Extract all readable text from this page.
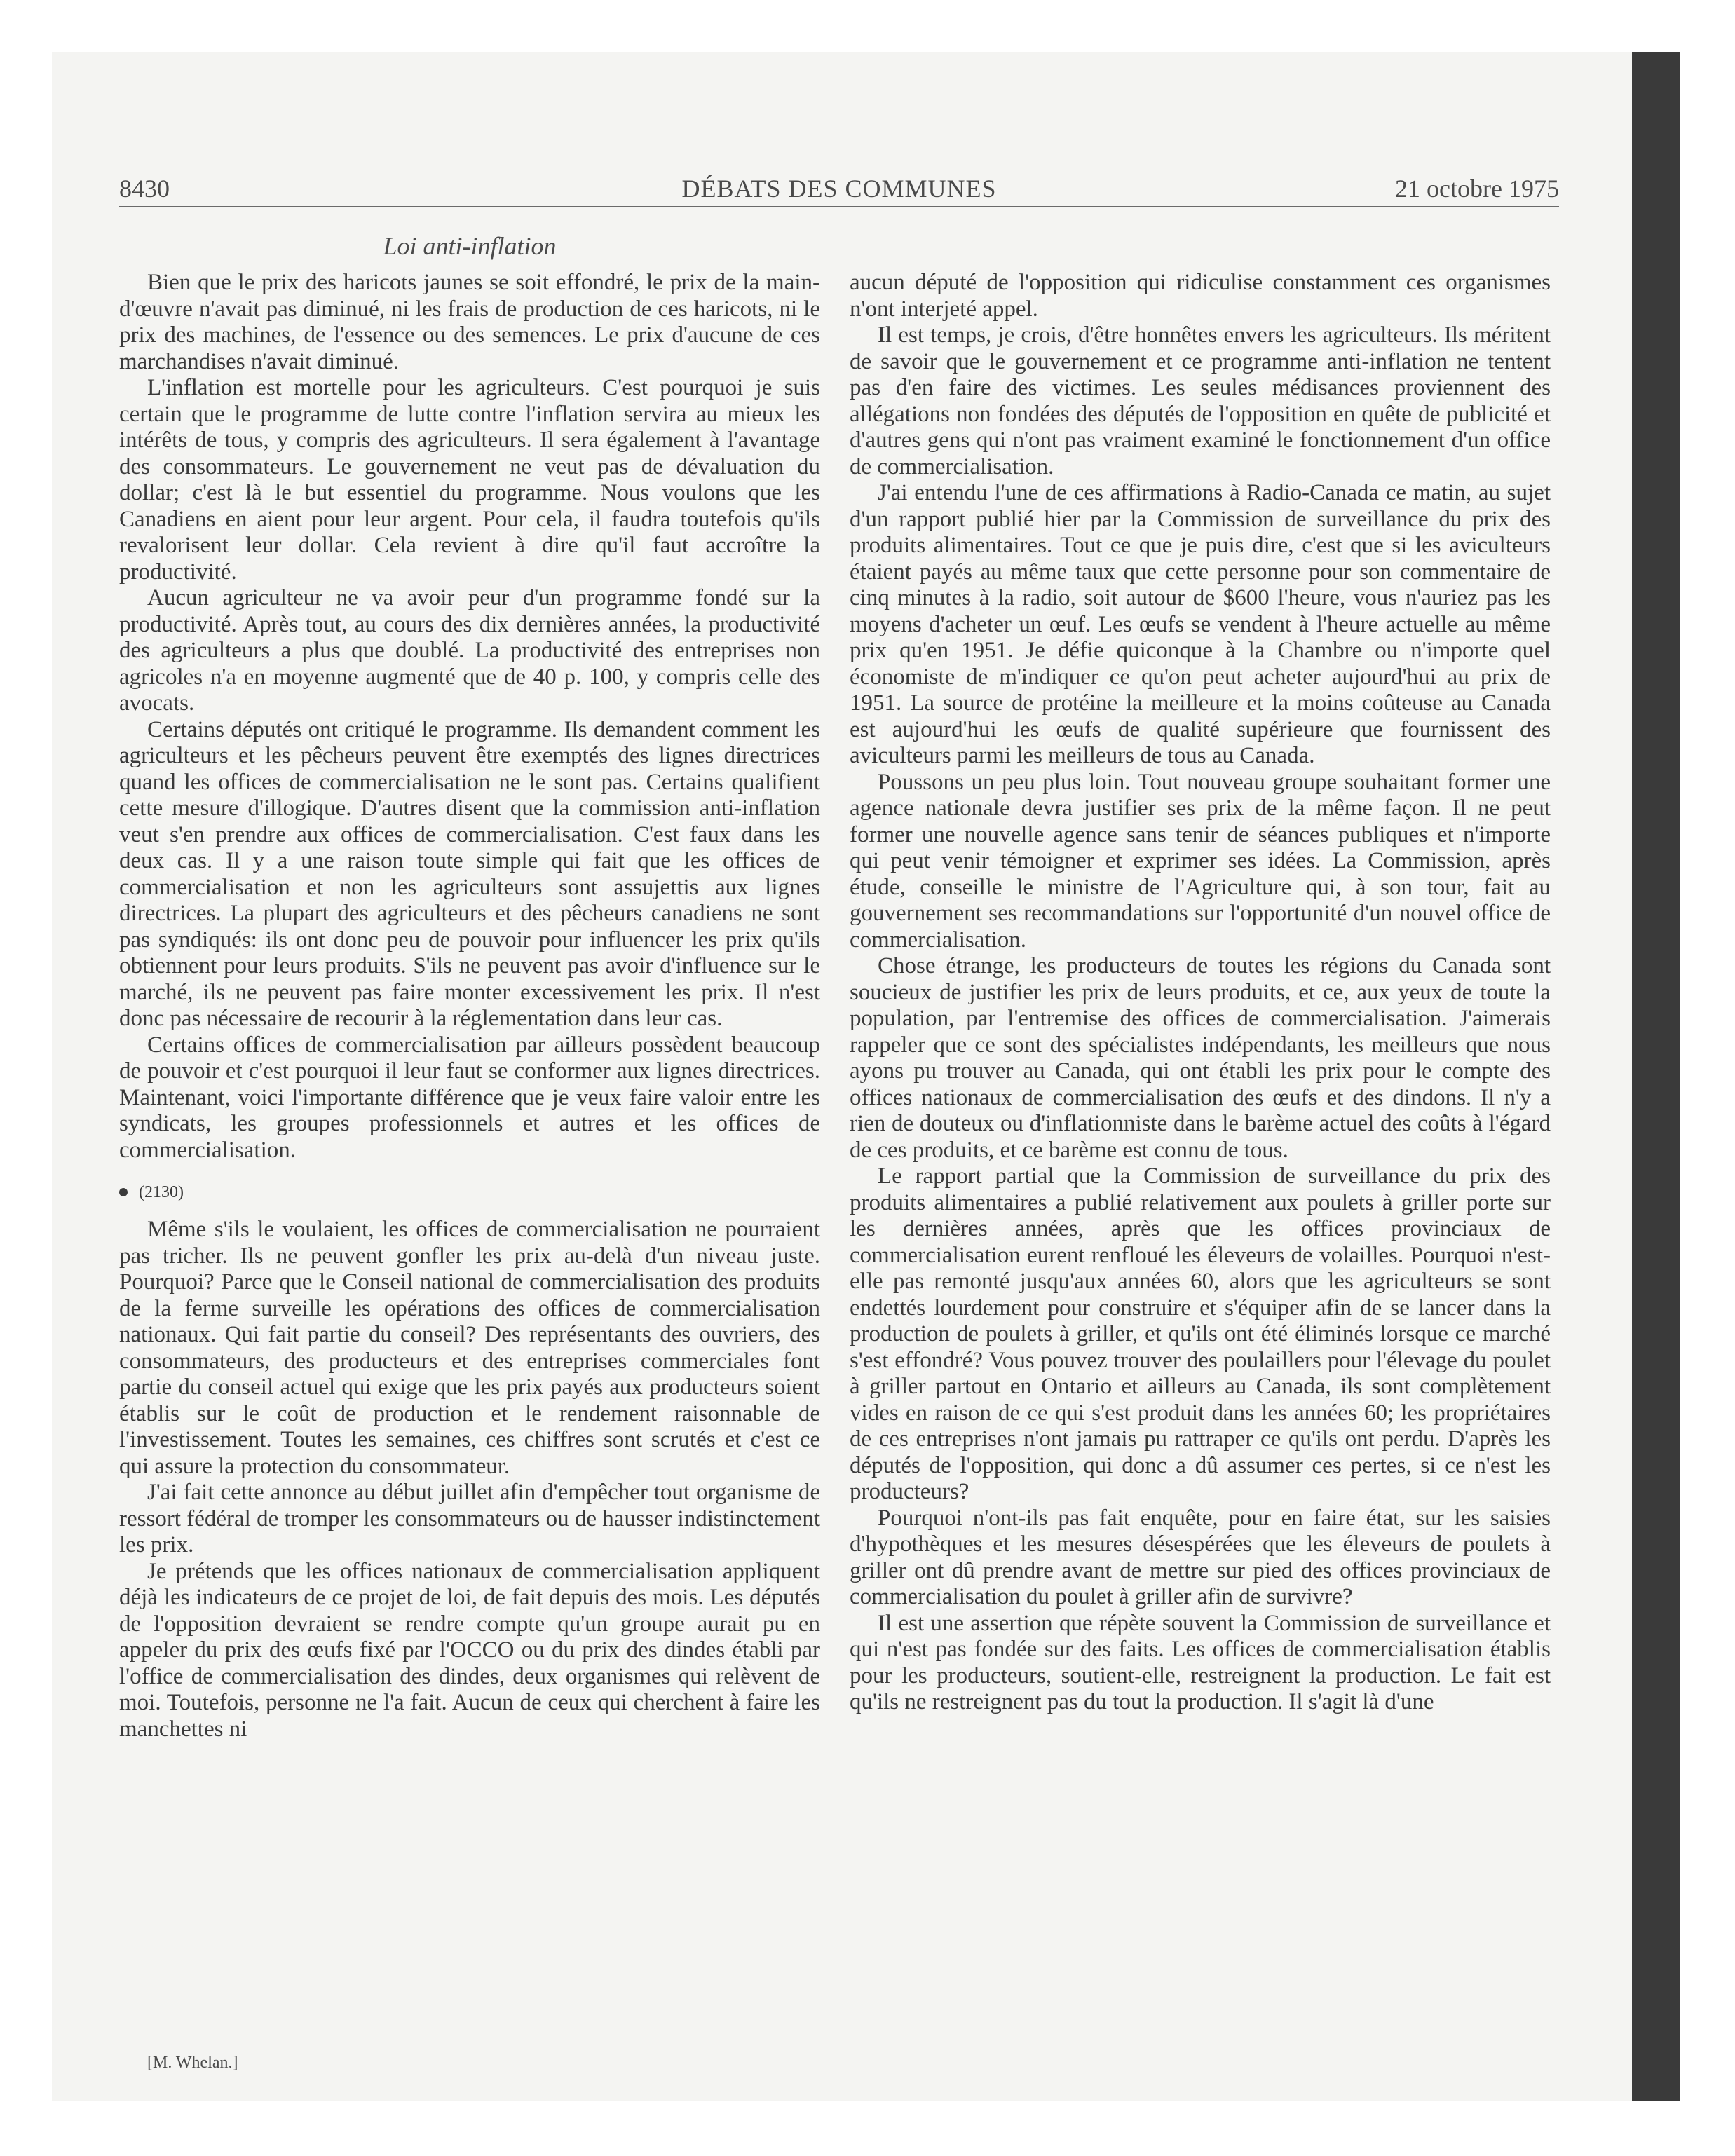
8430	DÉBATS DES COMMUNES	21 octobre 1975
Loi anti-inflation

Bien que le prix des haricots jaunes se soit effondré, le prix de la main-d'œuvre n'avait pas diminué, ni les frais de production de ces haricots, ni le prix des machines, de l'essence ou des semences. Le prix d'aucune de ces marchandises n'avait diminué.

L'inflation est mortelle pour les agriculteurs. C'est pourquoi je suis certain que le programme de lutte contre l'inflation servira au mieux les intérêts de tous, y compris des agriculteurs. Il sera également à l'avantage des consommateurs. Le gouvernement ne veut pas de dévaluation du dollar; c'est là le but essentiel du programme. Nous voulons que les Canadiens en aient pour leur argent. Pour cela, il faudra toutefois qu'ils revalorisent leur dollar. Cela revient à dire qu'il faut accroître la productivité.

Aucun agriculteur ne va avoir peur d'un programme fondé sur la productivité. Après tout, au cours des dix dernières années, la productivité des agriculteurs a plus que doublé. La productivité des entreprises non agricoles n'a en moyenne augmenté que de 40 p. 100, y compris celle des avocats.

Certains députés ont critiqué le programme. Ils demandent comment les agriculteurs et les pêcheurs peuvent être exemptés des lignes directrices quand les offices de commercialisation ne le sont pas. Certains qualifient cette mesure d'illogique. D'autres disent que la commission anti-inflation veut s'en prendre aux offices de commercialisation. C'est faux dans les deux cas. Il y a une raison toute simple qui fait que les offices de commercialisation et non les agriculteurs sont assujettis aux lignes directrices. La plupart des agriculteurs et des pêcheurs canadiens ne sont pas syndiqués: ils ont donc peu de pouvoir pour influencer les prix qu'ils obtiennent pour leurs produits. S'ils ne peuvent pas avoir d'influence sur le marché, ils ne peuvent pas faire monter excessivement les prix. Il n'est donc pas nécessaire de recourir à la réglementation dans leur cas.

Certains offices de commercialisation par ailleurs possèdent beaucoup de pouvoir et c'est pourquoi il leur faut se conformer aux lignes directrices. Maintenant, voici l'importante différence que je veux faire valoir entre les syndicats, les groupes professionnels et autres et les offices de commercialisation.

(2130)

Même s'ils le voulaient, les offices de commercialisation ne pourraient pas tricher. Ils ne peuvent gonfler les prix au-delà d'un niveau juste. Pourquoi? Parce que le Conseil national de commercialisation des produits de la ferme surveille les opérations des offices de commercialisation nationaux. Qui fait partie du conseil? Des représentants des ouvriers, des consommateurs, des producteurs et des entreprises commerciales font partie du conseil actuel qui exige que les prix payés aux producteurs soient établis sur le coût de production et le rendement raisonnable de l'investissement. Toutes les semaines, ces chiffres sont scrutés et c'est ce qui assure la protection du consommateur.

J'ai fait cette annonce au début juillet afin d'empêcher tout organisme de ressort fédéral de tromper les consommateurs ou de hausser indistinctement les prix.

Je prétends que les offices nationaux de commercialisation appliquent déjà les indicateurs de ce projet de loi, de fait depuis des mois. Les députés de l'opposition devraient se rendre compte qu'un groupe aurait pu en appeler du prix des œufs fixé par l'OCCO ou du prix des dindes établi par l'office de commercialisation des dindes, deux organismes qui relèvent de moi. Toutefois, personne ne l'a fait. Aucun de ceux qui cherchent à faire les manchettes ni

aucun député de l'opposition qui ridiculise constamment ces organismes n'ont interjeté appel.

Il est temps, je crois, d'être honnêtes envers les agriculteurs. Ils méritent de savoir que le gouvernement et ce programme anti-inflation ne tentent pas d'en faire des victimes. Les seules médisances proviennent des allégations non fondées des députés de l'opposition en quête de publicité et d'autres gens qui n'ont pas vraiment examiné le fonctionnement d'un office de commercialisation.

J'ai entendu l'une de ces affirmations à Radio-Canada ce matin, au sujet d'un rapport publié hier par la Commission de surveillance du prix des produits alimentaires. Tout ce que je puis dire, c'est que si les aviculteurs étaient payés au même taux que cette personne pour son commentaire de cinq minutes à la radio, soit autour de $600 l'heure, vous n'auriez pas les moyens d'acheter un œuf. Les œufs se vendent à l'heure actuelle au même prix qu'en 1951. Je défie quiconque à la Chambre ou n'importe quel économiste de m'indiquer ce qu'on peut acheter aujourd'hui au prix de 1951. La source de protéine la meilleure et la moins coûteuse au Canada est aujourd'hui les œufs de qualité supérieure que fournissent des aviculteurs parmi les meilleurs de tous au Canada.

Poussons un peu plus loin. Tout nouveau groupe souhaitant former une agence nationale devra justifier ses prix de la même façon. Il ne peut former une nouvelle agence sans tenir de séances publiques et n'importe qui peut venir témoigner et exprimer ses idées. La Commission, après étude, conseille le ministre de l'Agriculture qui, à son tour, fait au gouvernement ses recommandations sur l'opportunité d'un nouvel office de commercialisation.

Chose étrange, les producteurs de toutes les régions du Canada sont soucieux de justifier les prix de leurs produits, et ce, aux yeux de toute la population, par l'entremise des offices de commercialisation. J'aimerais rappeler que ce sont des spécialistes indépendants, les meilleurs que nous ayons pu trouver au Canada, qui ont établi les prix pour le compte des offices nationaux de commercialisation des œufs et des dindons. Il n'y a rien de douteux ou d'inflationniste dans le barème actuel des coûts à l'égard de ces produits, et ce barème est connu de tous.

Le rapport partial que la Commission de surveillance du prix des produits alimentaires a publié relativement aux poulets à griller porte sur les dernières années, après que les offices provinciaux de commercialisation eurent renfloué les éleveurs de volailles. Pourquoi n'est-elle pas remonté jusqu'aux années 60, alors que les agriculteurs se sont endettés lourdement pour construire et s'équiper afin de se lancer dans la production de poulets à griller, et qu'ils ont été éliminés lorsque ce marché s'est effondré? Vous pouvez trouver des poulaillers pour l'élevage du poulet à griller partout en Ontario et ailleurs au Canada, ils sont complètement vides en raison de ce qui s'est produit dans les années 60; les propriétaires de ces entreprises n'ont jamais pu rattraper ce qu'ils ont perdu. D'après les députés de l'opposition, qui donc a dû assumer ces pertes, si ce n'est les producteurs?

Pourquoi n'ont-ils pas fait enquête, pour en faire état, sur les saisies d'hypothèques et les mesures désespérées que les éleveurs de poulets à griller ont dû prendre avant de mettre sur pied des offices provinciaux de commercialisation du poulet à griller afin de survivre?

Il est une assertion que répète souvent la Commission de surveillance et qui n'est pas fondée sur des faits. Les offices de commercialisation établis pour les producteurs, soutient-elle, restreignent la production. Le fait est qu'ils ne restreignent pas du tout la production. Il s'agit là d'une

[M. Whelan.]
